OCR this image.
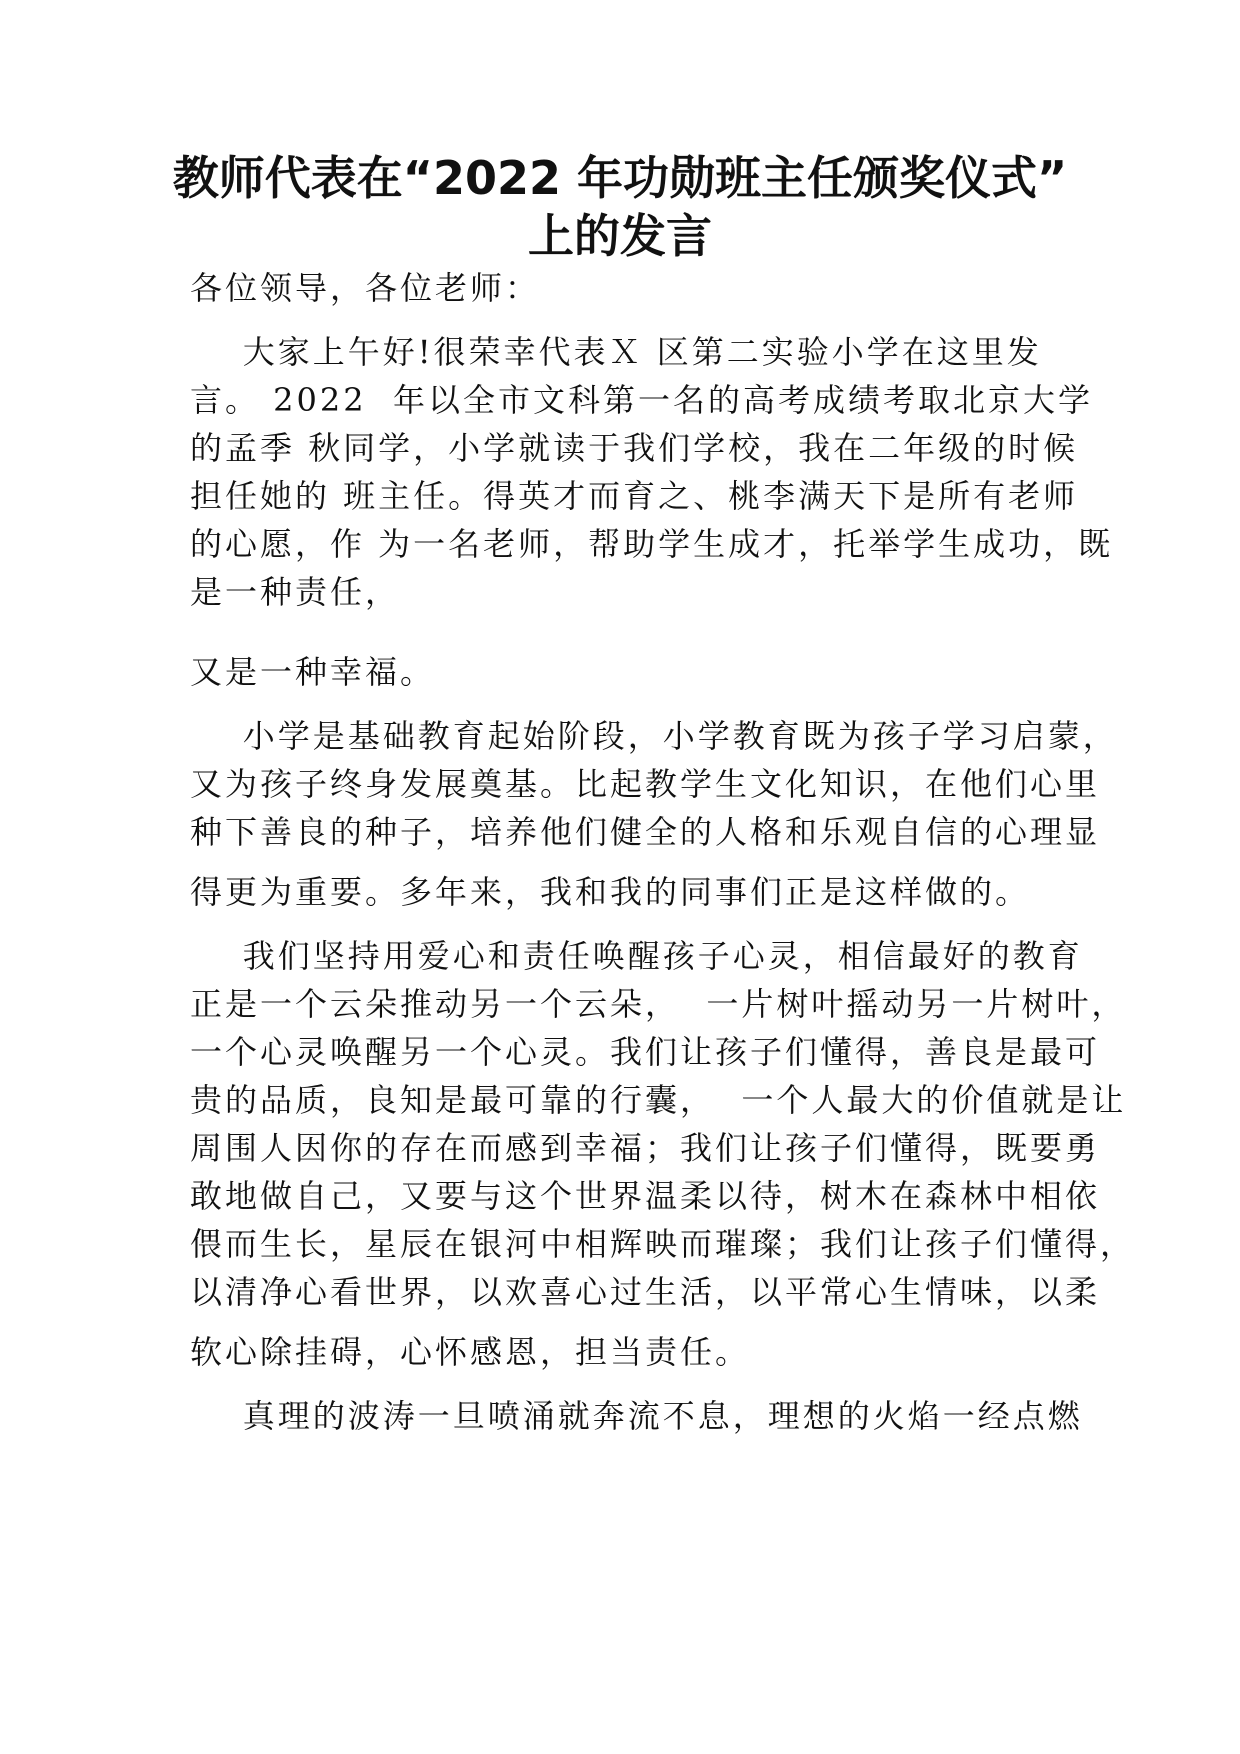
教师代表在“2022 年功勋班主任颁奖仪式”
上的发言
各位领导，各位老师：
大家上午好!很荣幸代表Ｘ 区第二实验小学在这里发
言。 2022  年以全市文科第一名的高考成绩考取北京大学
的孟季 秋同学，小学就读于我们学校，我在二年级的时候
担任她的 班主任。得英才而育之、桃李满天下是所有老师
的心愿，作 为一名老师，帮助学生成才，托举学生成功，既
是一种责任，
又是一种幸福。
小学是基础教育起始阶段，小学教育既为孩子学习启蒙，
又为孩子终身发展奠基。比起教学生文化知识，在他们心里
种下善良的种子，培养他们健全的人格和乐观自信的心理显
得更为重要。多年来，我和我的同事们正是这样做的。
我们坚持用爱心和责任唤醒孩子心灵，相信最好的教育
正是一个云朵推动另一个云朵，  一片树叶摇动另一片树叶，
一个心灵唤醒另一个心灵。我们让孩子们懂得，善良是最可
贵的品质，良知是最可靠的行囊，  一个人最大的价值就是让
周围人因你的存在而感到幸福；我们让孩子们懂得，既要勇
敢地做自己，又要与这个世界温柔以待，树木在森林中相依
偎而生长，星辰在银河中相辉映而璀璨；我们让孩子们懂得，
以清净心看世界，以欢喜心过生活，以平常心生情味，以柔
软心除挂碍，心怀感恩，担当责任。
真理的波涛一旦喷涌就奔流不息，理想的火焰一经点燃
